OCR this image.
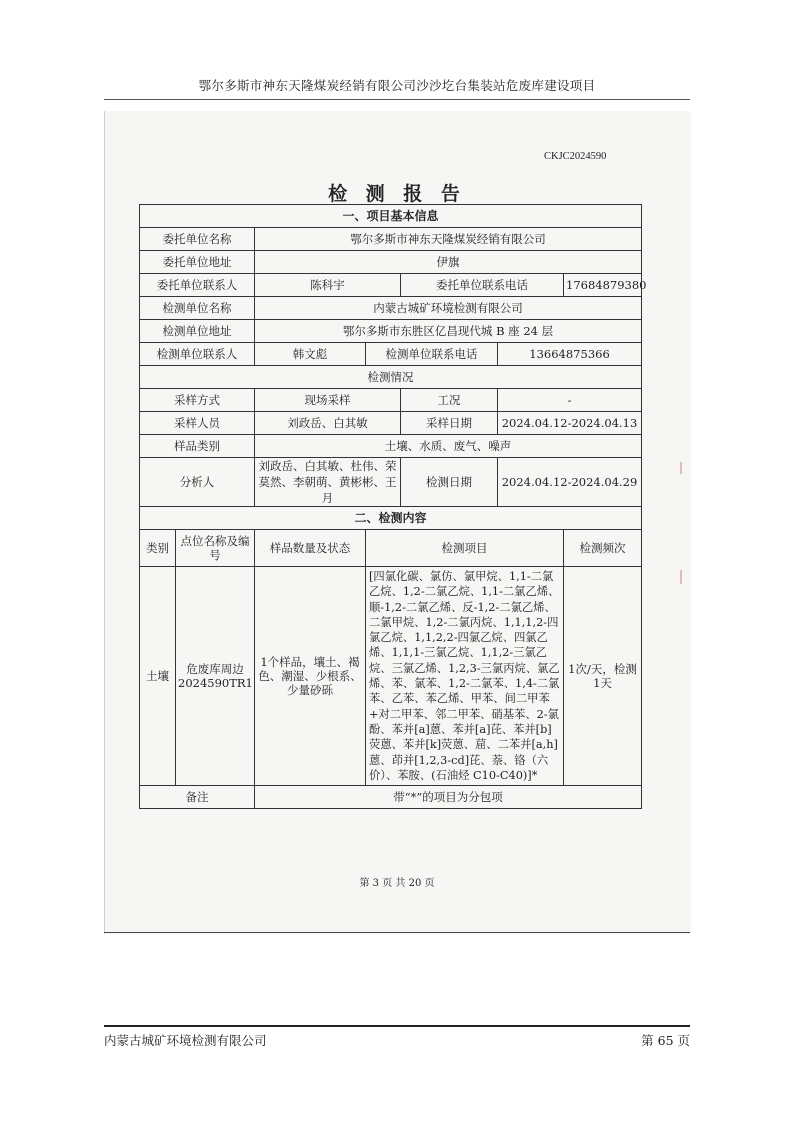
鄂尔多斯市神东天隆煤炭经销有限公司沙沙圪台集装站危废库建设项目
CKJC2024590
检 测 报 告
一、项目基本信息						
委托单位名称		鄂尔多斯市神东天隆煤炭经销有限公司				
委托单位地址		伊旗				
委托单位联系人		陈科宇		委托单位联系电话		17684879380
检测单位名称		内蒙古城矿环境检测有限公司				
检测单位地址		鄂尔多斯市东胜区亿昌现代城 B 座 24 层				
检测单位联系人		韩文彪	检测单位联系电话		13664875366	
检测情况						
采样方式		现场采样		工况	-	
采样人员		刘政岳、白其敏		采样日期	2024.04.12-2024.04.13	
样品类别		土壤、水质、废气、噪声				
分析人		刘政岳、白其敏、杜伟、荣莫然、李朝萌、黄彬彬、王月		检测日期	2024.04.12-2024.04.29	
二、检测内容						
类别	点位名称及编号	样品数量及状态	检测项目			检测频次
土壤	危废库周边2024590TR1	1个样品，壤土、褐色、潮湿、少根系、少量砂砾	[四氯化碳、氯仿、氯甲烷、1,1-二氯乙烷、1,2-二氯乙烷、1,1-二氯乙烯、顺-1,2-二氯乙烯、反-1,2-二氯乙烯、二氯甲烷、1,2-二氯丙烷、1,1,1,2-四氯乙烷、1,1,2,2-四氯乙烷、四氯乙烯、1,1,1-三氯乙烷、1,1,2-三氯乙烷、三氯乙烯、1,2,3-三氯丙烷、氯乙烯、苯、氯苯、1,2-二氯苯、1,4-二氯苯、乙苯、苯乙烯、甲苯、间二甲苯+对二甲苯、邻二甲苯、硝基苯、2-氯酚、苯并[a]蒽、苯并[a]芘、苯并[b]荧蒽、苯并[k]荧蒽、䓛、二苯并[a,h]蒽、茚并[1,2,3-cd]芘、萘、铬（六价）、苯胺、(石油烃 C10-C40)]*			1次/天，检测1天
备注		带“*”的项目为分包项				
第 3 页 共 20 页
内蒙古城矿环境检测有限公司	第 65 页
